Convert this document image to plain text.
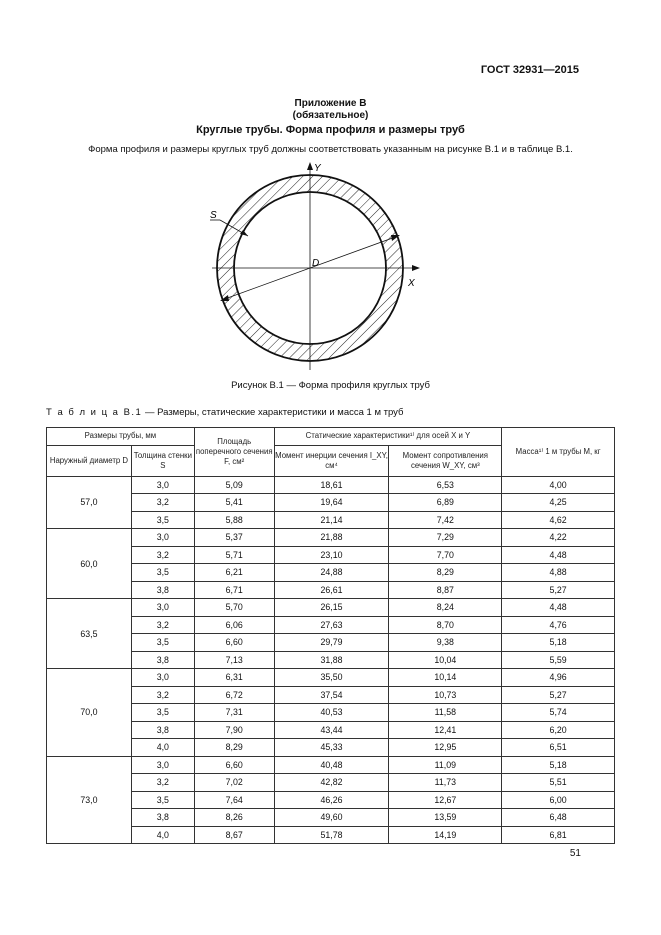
ГОСТ 32931—2015
Приложение В
(обязательное)
Круглые трубы. Форма профиля и размеры труб
Форма профиля и размеры круглых труб должны соответствовать указанным на рисунке В.1 и в таблице В.1.
S
Y
X
D
Рисунок В.1 — Форма профиля круглых труб
Т а б л и ц а В.1 — Размеры, статические характеристики и масса 1 м труб
Размеры трубы, мм		Площадь поперечного сечения F, см²	Статические характеристики¹⁾ для осей X и Y		Масса¹⁾ 1 м трубы M, кг
Наружный диаметр D	Толщина стенки S		Момент инерции сечения I_XY, см⁴	Момент сопротивления сечения W_XY, см³	
57,0	3,0	5,09	18,61	6,53	4,00
	3,2	5,41	19,64	6,89	4,25
	3,5	5,88	21,14	7,42	4,62
60,0	3,0	5,37	21,88	7,29	4,22
	3,2	5,71	23,10	7,70	4,48
	3,5	6,21	24,88	8,29	4,88
	3,8	6,71	26,61	8,87	5,27
63,5	3,0	5,70	26,15	8,24	4,48
	3,2	6,06	27,63	8,70	4,76
	3,5	6,60	29,79	9,38	5,18
	3,8	7,13	31,88	10,04	5,59
70,0	3,0	6,31	35,50	10,14	4,96
	3,2	6,72	37,54	10,73	5,27
	3,5	7,31	40,53	11,58	5,74
	3,8	7,90	43,44	12,41	6,20
	4,0	8,29	45,33	12,95	6,51
73,0	3,0	6,60	40,48	11,09	5,18
	3,2	7,02	42,82	11,73	5,51
	3,5	7,64	46,26	12,67	6,00
	3,8	8,26	49,60	13,59	6,48
	4,0	8,67	51,78	14,19	6,81
51
